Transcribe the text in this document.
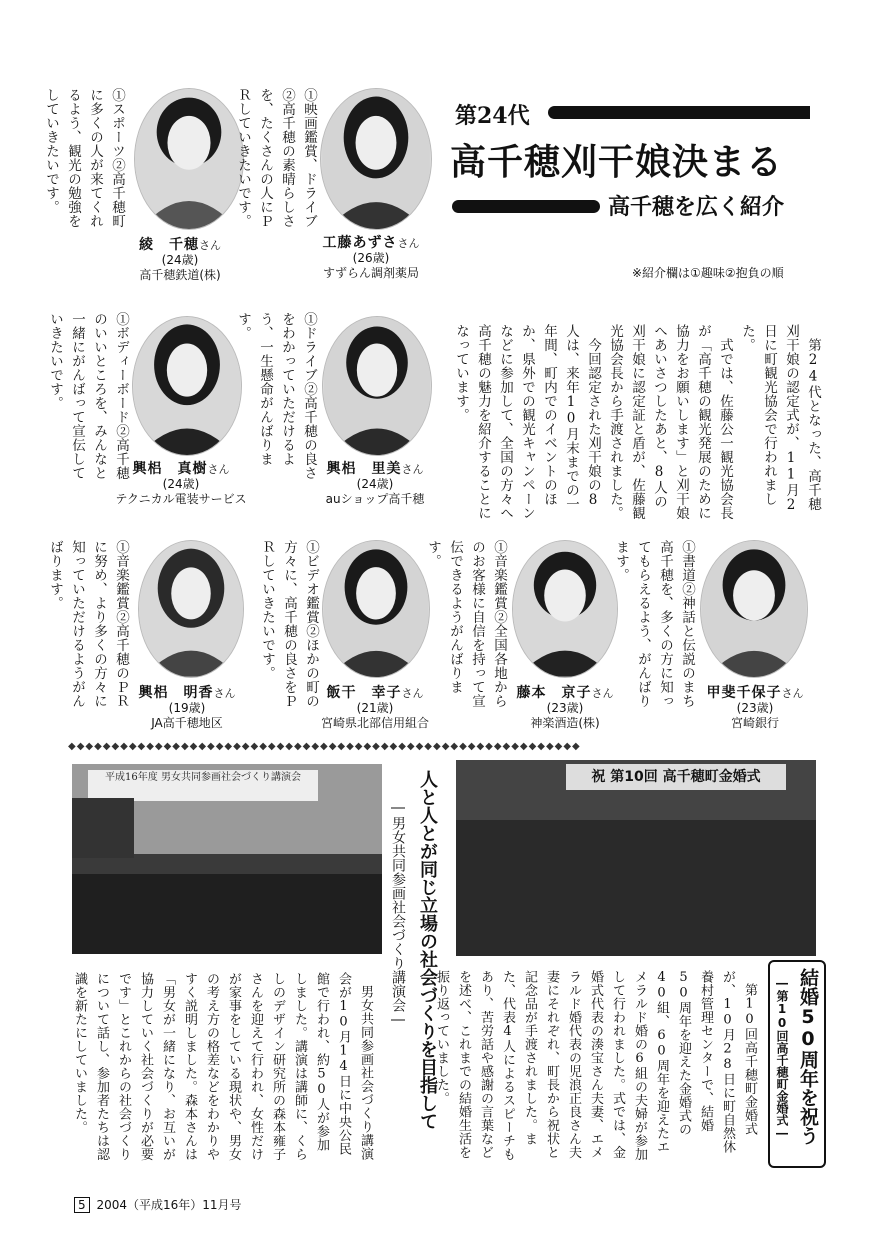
第24代
高千穂刈干娘決まる
高千穂を広く紹介
※紹介欄は①趣味②抱負の順

第24代となった、高千穂刈干娘の認定式が、11月2日に町観光協会で行われました。

式では、佐藤公一観光協会長が「高千穂の観光発展のために協力をお願いします」と刈干娘へあいさつしたあと、8人の刈干娘に認定証と盾が、佐藤観光協会長から手渡されました。

今回認定された刈干娘の8人は、来年10月末までの一年間、町内でのイベントのほか、県外での観光キャンペーンなどに参加して、全国の方々へ高千穂の魅力を紹介することになっています。

①スポーツ②高千穂町に多くの人が来てくれるよう、観光の勉強をしていきたいです。
綾　千穂さん
(24歳)
高千穂鉄道(株)
①映画鑑賞、ドライブ②高千穂の素晴らしさを、たくさんの人にＰＲしていきたいです。
工藤あずささん
(26歳)
すずらん調剤薬局
①ボディーボード②高千穂のいいところを、みんなと一緒にがんばって宣伝していきたいです。
興梠　真樹さん
(24歳)
テクニカル電装サービス
①ドライブ②高千穂の良さをわかっていただけるよう、一生懸命がんばります。
興梠　里美さん
(24歳)
auショップ高千穂
①音楽鑑賞②高千穂のＰＲに努め、より多くの方々に知っていただけるようがんばります。
興梠　明香さん
(19歳)
JA高千穂地区
①ビデオ鑑賞②ほかの町の方々に、高千穂の良さをＰＲしていきたいです。
飯干　幸子さん
(21歳)
宮崎県北部信用組合
①音楽鑑賞②全国各地からのお客様に自信を持って宣伝できるようがんばります。
藤本　京子さん
(23歳)
神楽酒造(株)
①書道②神話と伝説のまち高千穂を、多くの方に知ってもらえるよう、がんばります。
甲斐千保子さん
(23歳)
宮崎銀行
◆◆◆◆◆◆◆◆◆◆◆◆◆◆◆◆◆◆◆◆◆◆◆◆◆◆◆◆◆◆◆◆◆◆◆◆◆◆◆◆◆◆◆◆◆◆◆◆◆◆◆◆◆◆◆◆◆◆◆
平成16年度 男女共同参画社会づくり講演会	人と人とが同じ立場の社会づくりを目指して
―男女共同参画社会づくり講演会―
男女共同参画社会づくり講演会が10月14日に中央公民館で行われ、約50人が参加しました。講演は講師に、くらしのデザイン研究所の森本雍子さんを迎えて行われ、女性だけが家事をしている現状や、男女の考え方の格差などをわかりやすく説明しました。森本さんは「男女が一緒になり、お互いが協力していく社会づくりが必要です」とこれからの社会づくりについて話し、参加者たちは認識を新たにしていました。
祝 第10回 高千穂町金婚式
結婚50周年を祝う
―第10回高千穂町金婚式―
第10回高千穂町金婚式が、10月28日に町自然休養村管理センターで、結婚50周年を迎えた金婚式の40組、60周年を迎えたエメラルド婚の6組の夫婦が参加して行われました。式では、金婚式代表の湊宝さん夫妻、エメラルド婚代表の児浪正良さん夫妻にそれぞれ、町長から祝状と記念品が手渡されました。また、代表4人によるスピーチもあり、苦労話や感謝の言葉などを述べ、これまでの結婚生活を振り返っていました。
5 2004（平成16年）11月号
